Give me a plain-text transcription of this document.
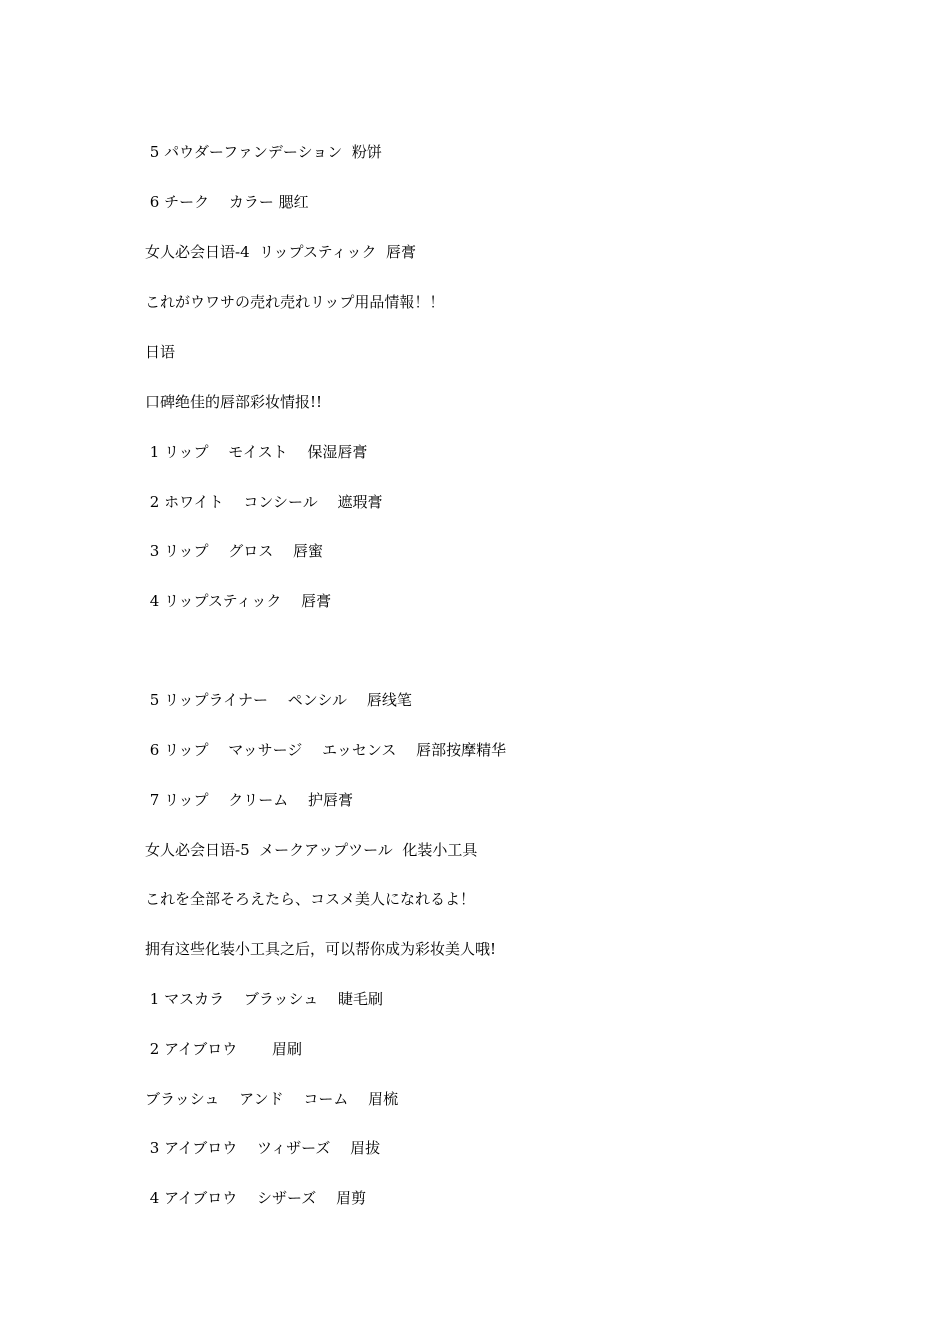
5 パウダーファンデーション  粉饼

6 チーク　 カラー 腮红

女人必会日语-4  リップスティック  唇膏

これがウワサの売れ売れリップ用品情報！！

日语

口碑绝佳的唇部彩妆情报!!

1 リップ　 モイスト　 保湿唇膏

2 ホワイト　 コンシール　 遮瑕膏

3 リップ　 グロス　 唇蜜

4 リップスティック　 唇膏

5 リップライナー　 ペンシル　 唇线笔

6 リップ　 マッサージ　 エッセンス　 唇部按摩精华

7 リップ　 クリーム　 护唇膏

女人必会日语-5  メークアップツール  化装小工具

これを全部そろえたら、コスメ美人になれるよ！

拥有这些化装小工具之后，可以帮你成为彩妆美人哦!

1 マスカラ　 ブラッシュ　 睫毛刷

2 アイブロウ　　 眉刷

ブラッシュ　 アンド　 コーム　 眉梳

3 アイブロウ　 ツィザーズ　 眉拔

4 アイブロウ　 シザーズ　 眉剪
